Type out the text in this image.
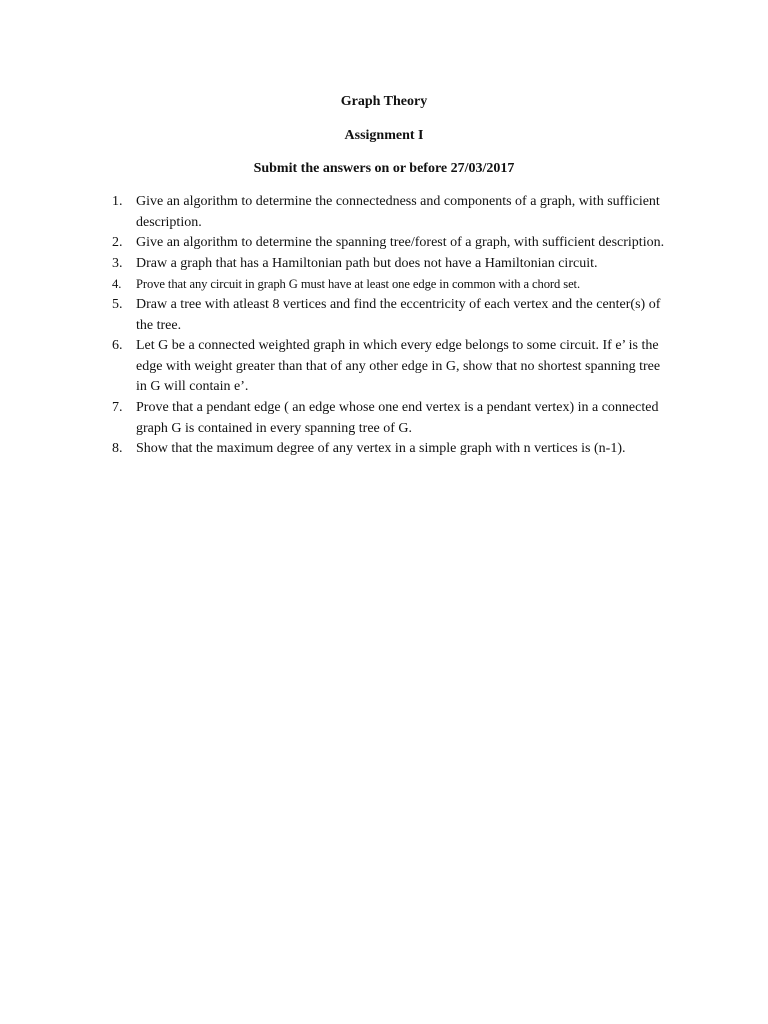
Graph Theory
Assignment I
Submit the answers on or before 27/03/2017
1. Give an algorithm to determine the connectedness and components of a graph, with sufficient description.
2. Give an algorithm to determine the spanning tree/forest of a graph, with sufficient description.
3. Draw a graph that has a Hamiltonian path but does not have a Hamiltonian circuit.
4. Prove that any circuit in graph G must have at least one edge in common with a chord set.
5. Draw a tree with atleast 8 vertices and find the eccentricity of each vertex and the center(s) of the tree.
6. Let G be a connected weighted graph in which every edge belongs to some circuit. If e’ is the edge with weight greater than that of any other edge in G, show that no shortest spanning tree in G will contain e’.
7. Prove that a pendant edge ( an edge whose one end vertex is a pendant vertex) in a connected graph G is contained in every spanning tree of G.
8. Show that the maximum degree of any vertex in a simple graph with n vertices is (n-1).
